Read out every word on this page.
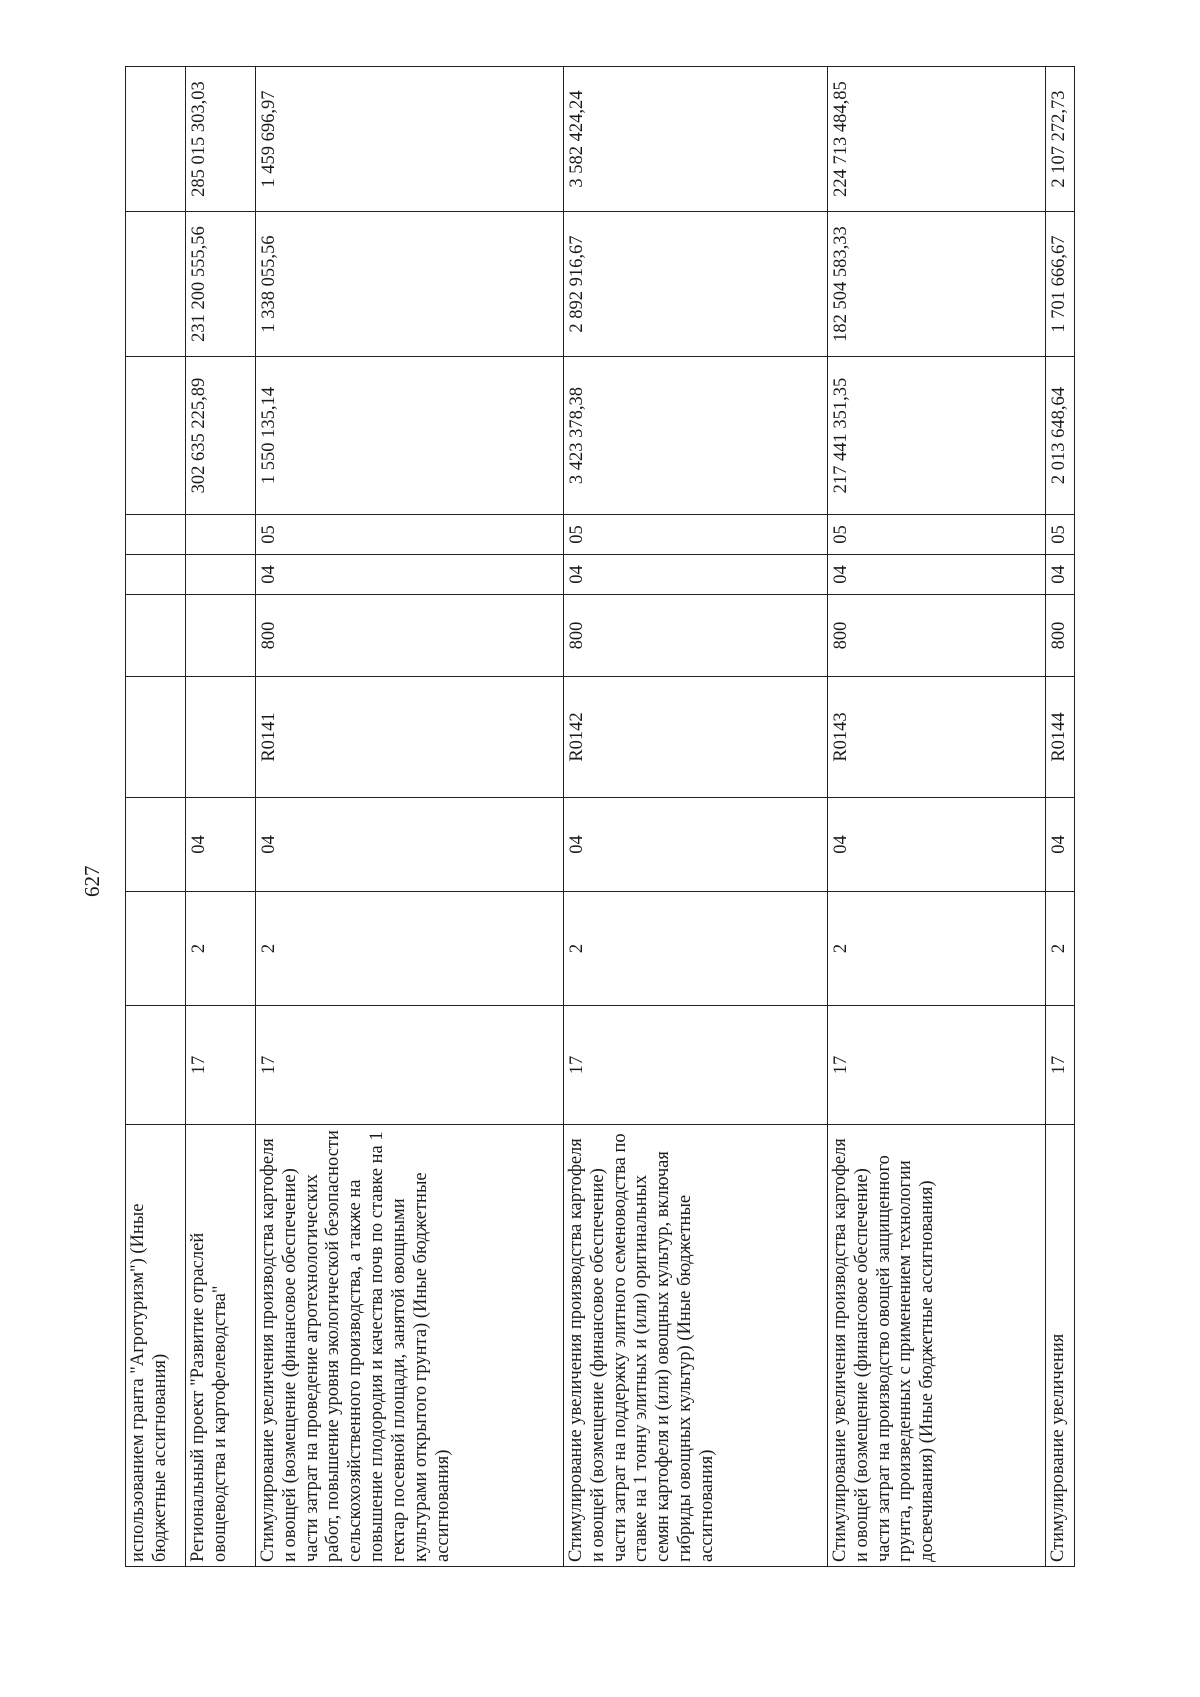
627
использованием гранта "Агротуризм") (Иные бюджетные ассигнования)										
Региональный проект "Развитие отраслей овощеводства и картофелеводства"	17	2	04					302 635 225,89	231 200 555,56	285 015 303,03
Стимулирование увеличения производства картофеля и овощей (возмещение (финансовое обеспечение) части затрат на проведение агротехнологических работ, повышение уровня экологической безопасности сельскохозяйственного производства, а также на повышение плодородия и качества почв по ставке на 1 гектар посевной площади, занятой овощными культурами открытого грунта) (Иные бюджетные ассигнования)	17	2	04	R0141	800	04	05	1 550 135,14	1 338 055,56	1 459 696,97
Стимулирование увеличения производства картофеля и овощей (возмещение (финансовое обеспечение) части затрат на поддержку элитного семеноводства по ставке на 1 тонну элитных и (или) оригинальных семян картофеля и (или) овощных культур, включая гибриды овощных культур) (Иные бюджетные ассигнования)	17	2	04	R0142	800	04	05	3 423 378,38	2 892 916,67	3 582 424,24
Стимулирование увеличения производства картофеля и овощей (возмещение (финансовое обеспечение) части затрат на производство овощей защищенного грунта, произведенных с применением технологии досвечивания) (Иные бюджетные ассигнования)	17	2	04	R0143	800	04	05	217 441 351,35	182 504 583,33	224 713 484,85
Стимулирование увеличения	17	2	04	R0144	800	04	05	2 013 648,64	1 701 666,67	2 107 272,73
